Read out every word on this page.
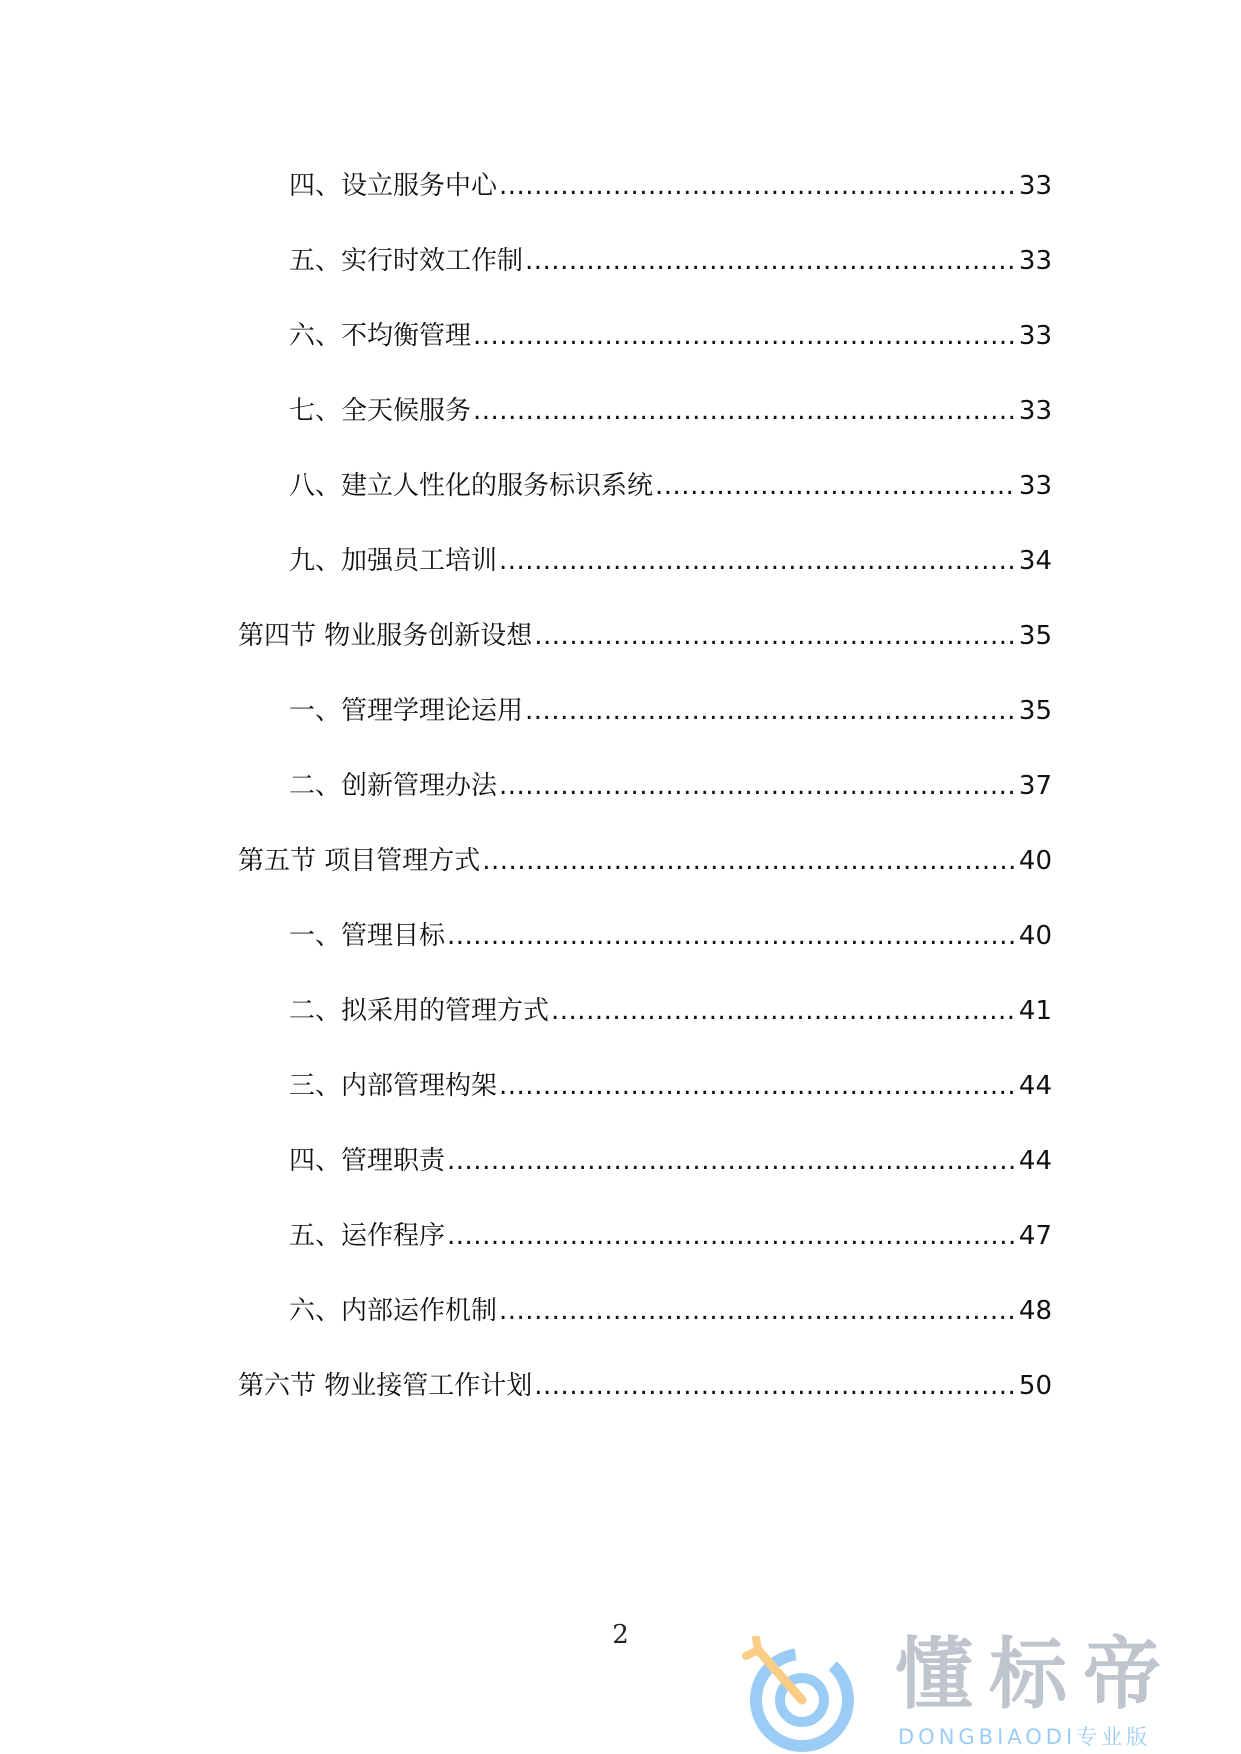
四、设立服务中心 .....	33
五、实行时效工作制 .....	33
六、不均衡管理 .....	33
七、全天候服务 .....	33
八、建立人性化的服务标识系统 .....	33
九、加强员工培训 .....	34
第四节 物业服务创新设想 .....	35
一、管理学理论运用 .....	35
二、创新管理办法 .....	37
第五节 项目管理方式 .....	40
一、管理目标 .....	40
二、拟采用的管理方式 .....	41
三、内部管理构架 .....	44
四、管理职责 .....	44
五、运作程序 .....	47
六、内部运作机制 .....	48
第六节 物业接管工作计划 .....	50
2	懂标帝
DONGBIAODI专业版
